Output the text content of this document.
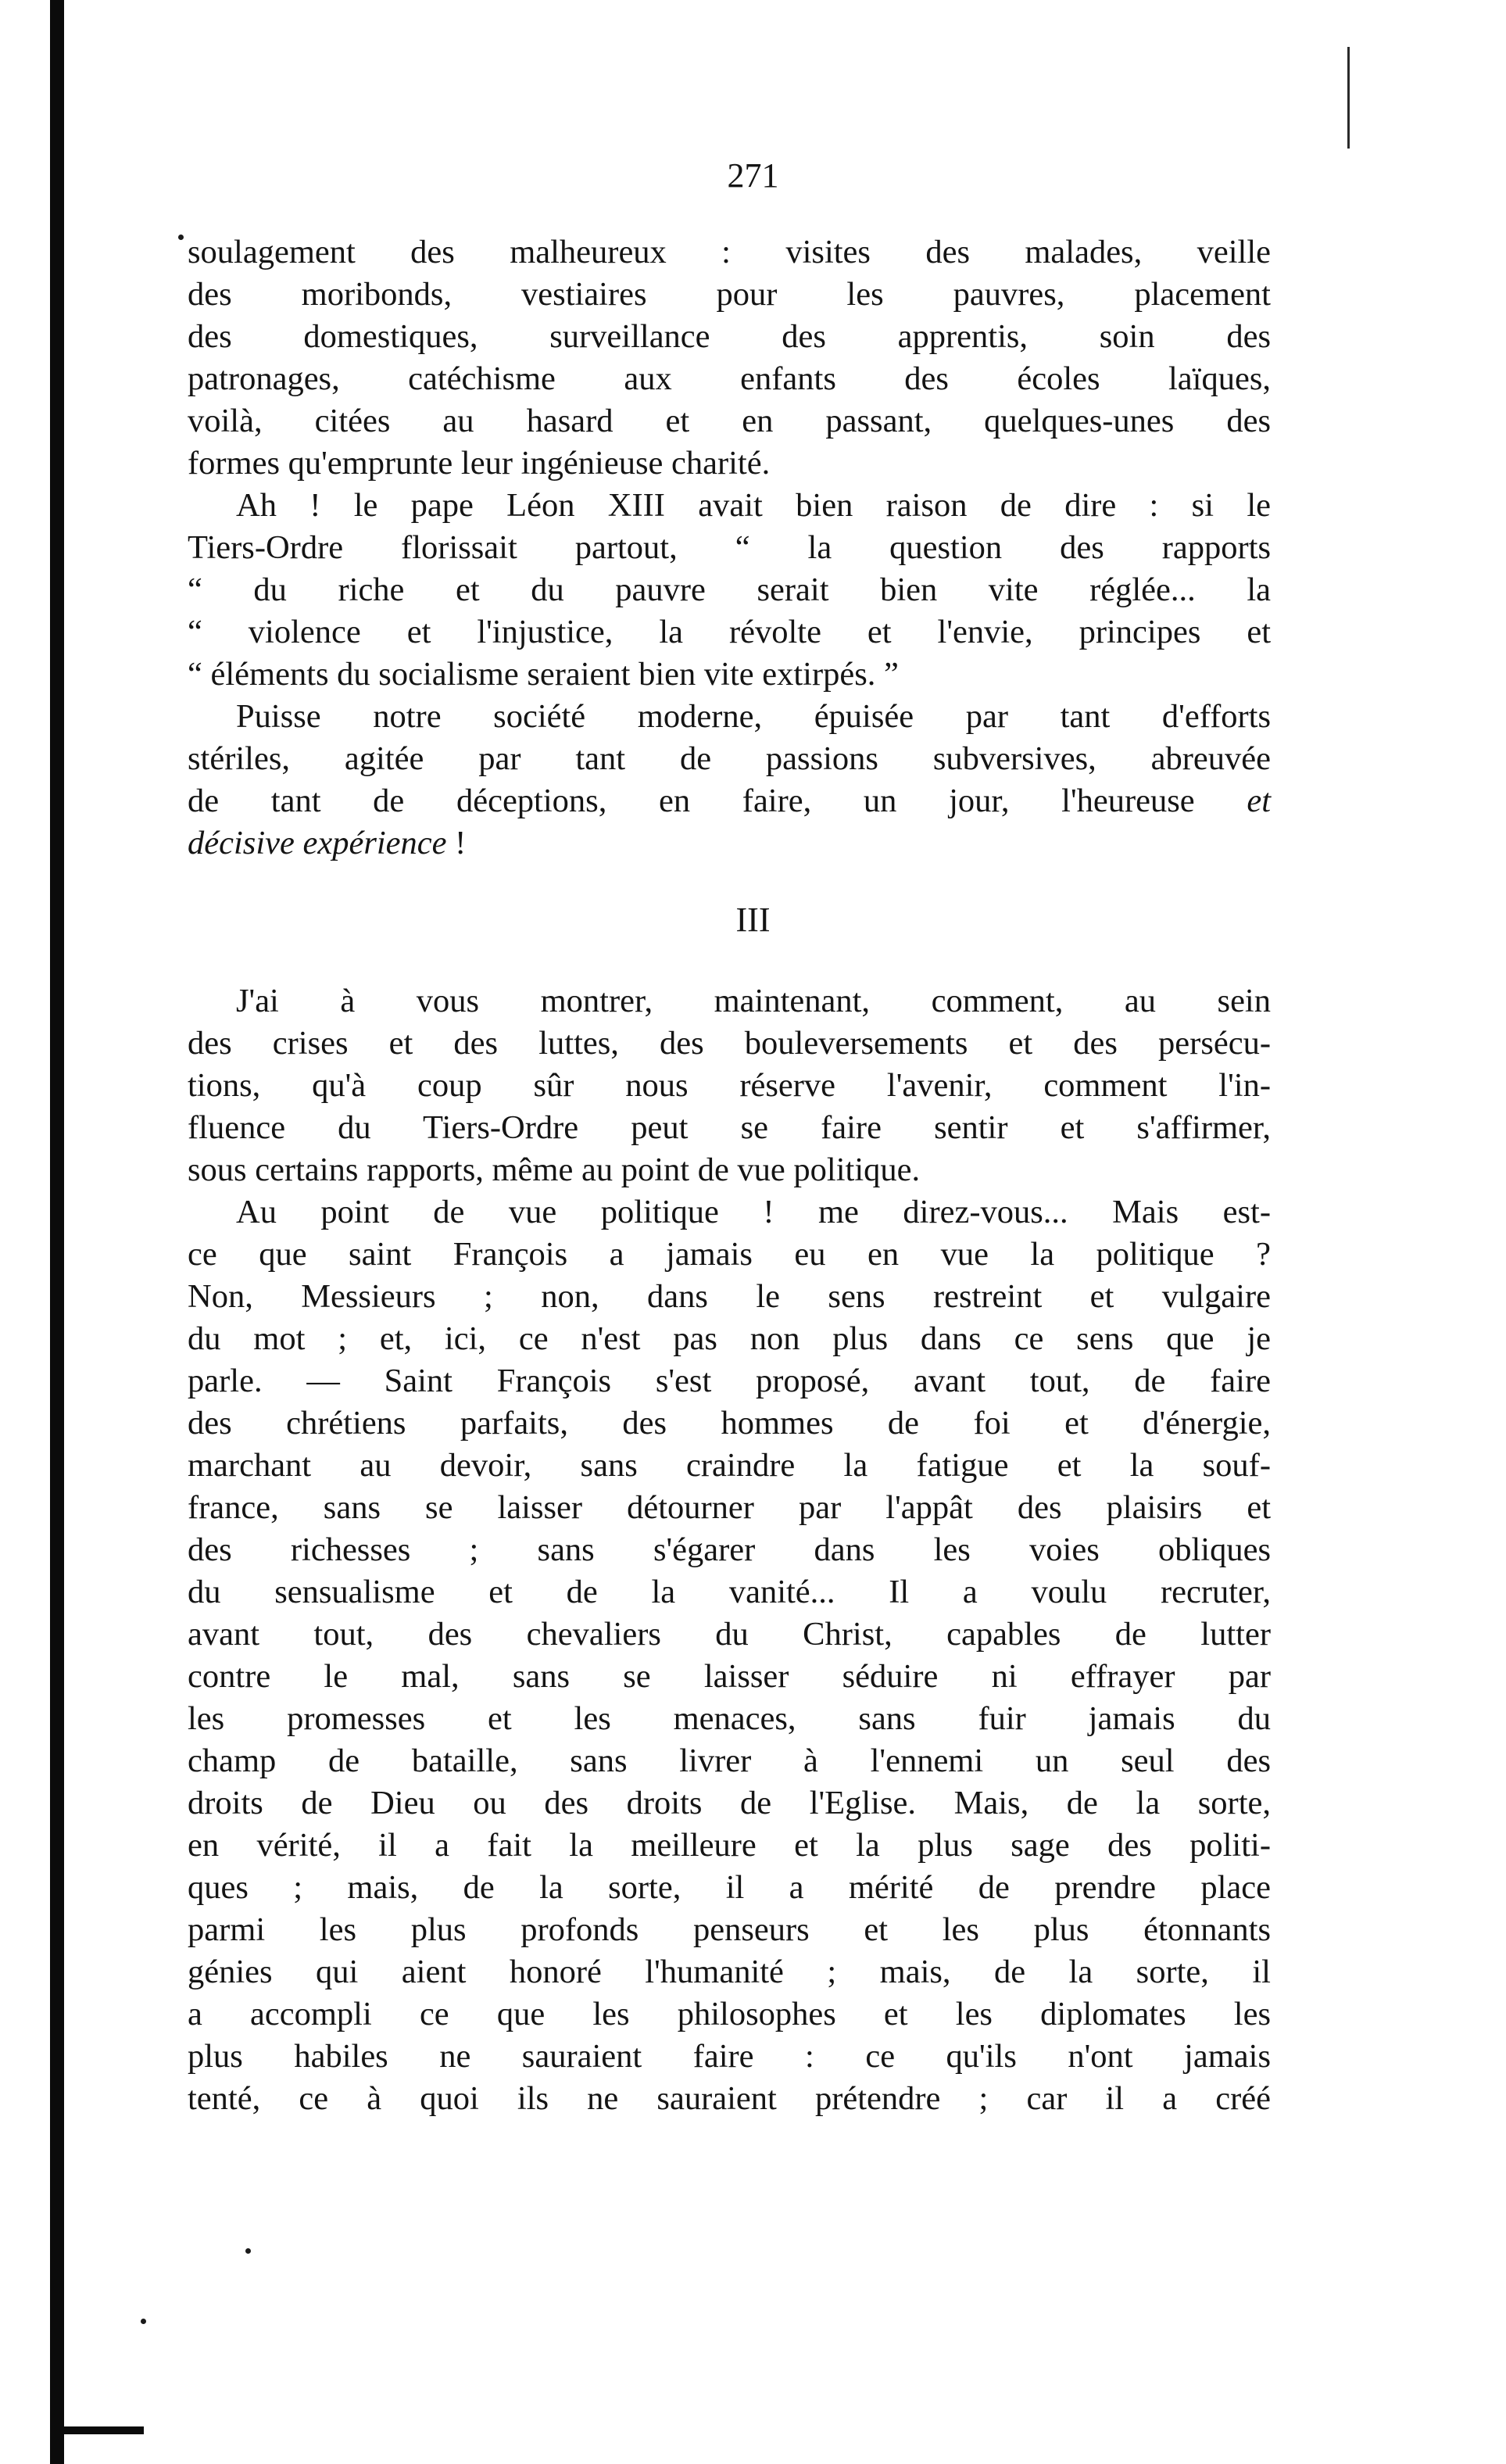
271
soulagement des malheureux : visites des malades, veille
des moribonds, vestiaires pour les pauvres, placement
des domestiques, surveillance des apprentis, soin des
patronages, catéchisme aux enfants des écoles laïques,
voilà, citées au hasard et en passant, quelques-unes des
formes qu'emprunte leur ingénieuse charité.
Ah ! le pape Léon XIII avait bien raison de dire : si le
Tiers-Ordre florissait partout, “ la question des rapports
“ du riche et du pauvre serait bien vite réglée... la
“ violence et l'injustice, la révolte et l'envie, principes et
“ éléments du socialisme seraient bien vite extirpés. ”
Puisse notre société moderne, épuisée par tant d'efforts
stériles, agitée par tant de passions subversives, abreuvée
de tant de déceptions, en faire, un jour, l'heureuse et
décisive expérience !
III
J'ai à vous montrer, maintenant, comment, au sein
des crises et des luttes, des bouleversements et des persécu-
tions, qu'à coup sûr nous réserve l'avenir, comment l'in-
fluence du Tiers-Ordre peut se faire sentir et s'affirmer,
sous certains rapports, même au point de vue politique.
Au point de vue politique ! me direz-vous... Mais est-
ce que saint François a jamais eu en vue la politique ?
Non, Messieurs ; non, dans le sens restreint et vulgaire
du mot ; et, ici, ce n'est pas non plus dans ce sens que je
parle. — Saint François s'est proposé, avant tout, de faire
des chrétiens parfaits, des hommes de foi et d'énergie,
marchant au devoir, sans craindre la fatigue et la souf-
france, sans se laisser détourner par l'appât des plaisirs et
des richesses ; sans s'égarer dans les voies obliques
du sensualisme et de la vanité... Il a voulu recruter,
avant tout, des chevaliers du Christ, capables de lutter
contre le mal, sans se laisser séduire ni effrayer par
les promesses et les menaces, sans fuir jamais du
champ de bataille, sans livrer à l'ennemi un seul des
droits de Dieu ou des droits de l'Eglise. Mais, de la sorte,
en vérité, il a fait la meilleure et la plus sage des politi-
ques ; mais, de la sorte, il a mérité de prendre place
parmi les plus profonds penseurs et les plus étonnants
génies qui aient honoré l'humanité ; mais, de la sorte, il
a accompli ce que les philosophes et les diplomates les
plus habiles ne sauraient faire : ce qu'ils n'ont jamais
tenté, ce à quoi ils ne sauraient prétendre ; car il a créé
